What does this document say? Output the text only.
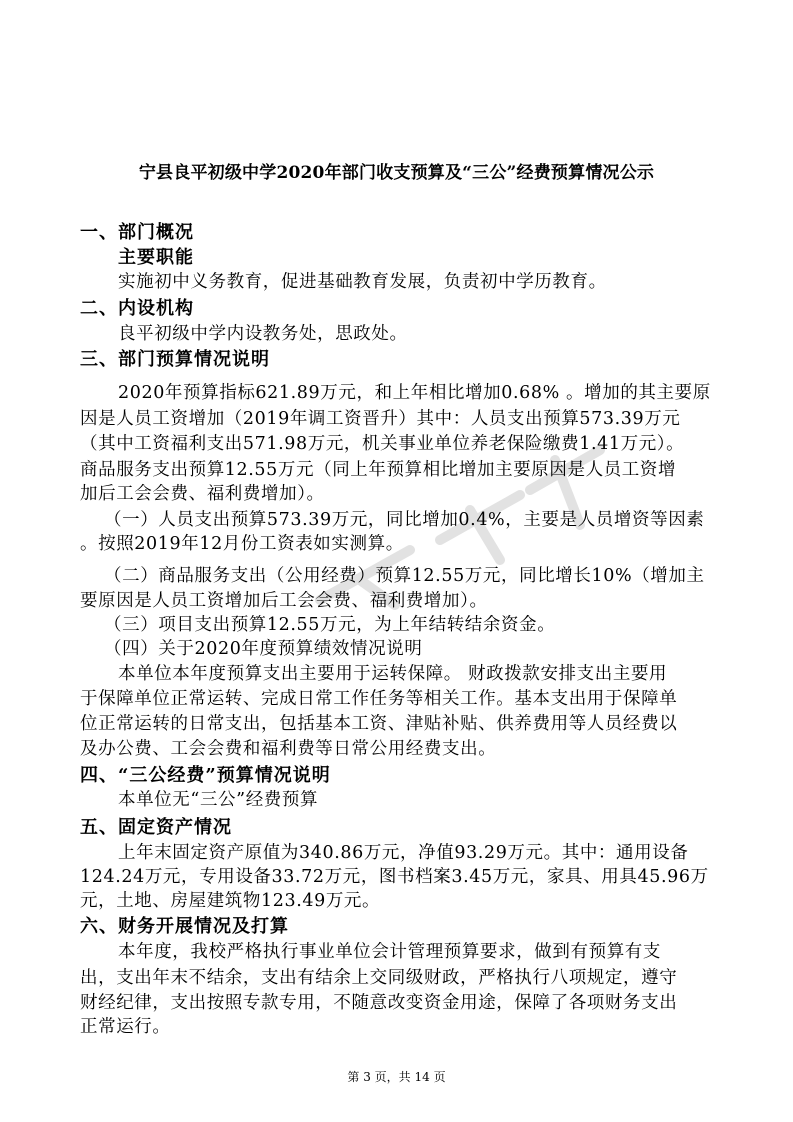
宁县良平初级中学2020年部门收支预算及“三公”经费预算情况公示
一、部门概况
主要职能
实施初中义务教育，促进基础教育发展，负责初中学历教育。
二、内设机构
良平初级中学内设教务处，思政处。
三、部门预算情况说明
2020年预算指标621.89万元，和上年相比增加0.68% 。增加的其主要原
因是人员工资增加（2019年调工资晋升）其中：人员支出预算573.39万元
（其中工资福利支出571.98万元，机关事业单位养老保险缴费1.41万元）。
商品服务支出预算12.55万元（同上年预算相比增加主要原因是人员工资增
加后工会会费、福利费增加）。
（一）人员支出预算573.39万元，同比增加0.4%，主要是人员增资等因素
。按照2019年12月份工资表如实测算。
（二）商品服务支出（公用经费）预算12.55万元，同比增长10%（增加主
要原因是人员工资增加后工会会费、福利费增加）。
（三）项目支出预算12.55万元，为上年结转结余资金。
（四）关于2020年度预算绩效情况说明
本单位本年度预算支出主要用于运转保障。 财政拨款安排支出主要用
于保障单位正常运转、完成日常工作任务等相关工作。基本支出用于保障单
位正常运转的日常支出，包括基本工资、津贴补贴、供养费用等人员经费以
及办公费、工会会费和福利费等日常公用经费支出。
四、“三公经费”预算情况说明
本单位无“三公”经费预算
五、固定资产情况
上年末固定资产原值为340.86万元，净值93.29万元。其中：通用设备
124.24万元，专用设备33.72万元，图书档案3.45万元，家具、用具45.96万
元，土地、房屋建筑物123.49万元。
六、财务开展情况及打算
本年度，我校严格执行事业单位会计管理预算要求，做到有预算有支
出，支出年末不结余，支出有结余上交同级财政，严格执行八项规定，遵守
财经纪律，支出按照专款专用，不随意改变资金用途，保障了各项财务支出
正常运行。
第 3 页，共 14 页
